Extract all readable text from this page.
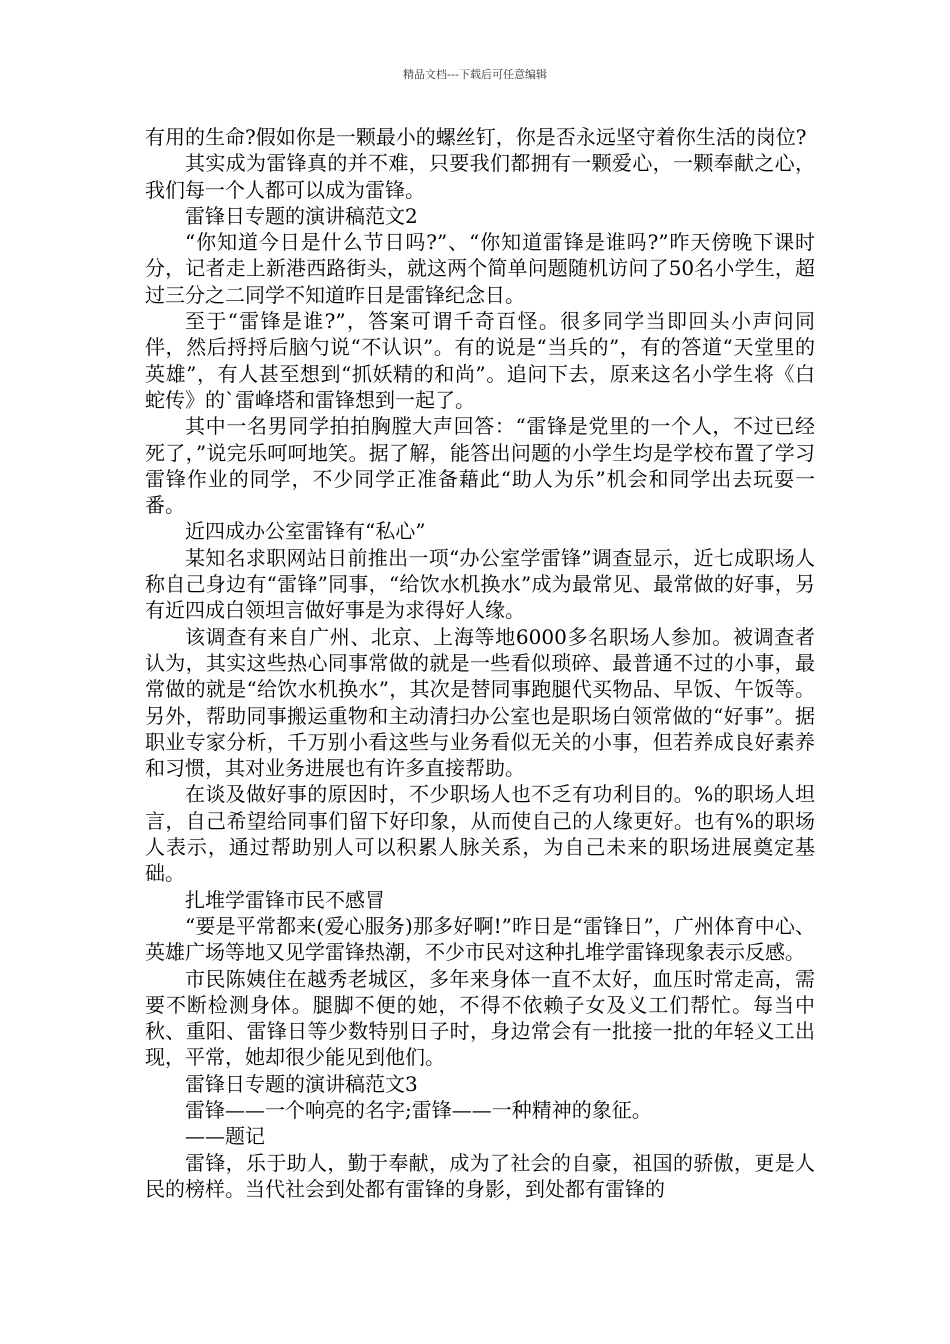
精品文档---下载后可任意编辑

有用的生命?假如你是一颗最小的螺丝钉，你是否永远坚守着你生活的岗位?

其实成为雷锋真的并不难，只要我们都拥有一颗爱心，一颗奉献之心，我们每一个人都可以成为雷锋。

雷锋日专题的演讲稿范文2

“你知道今日是什么节日吗?”、“你知道雷锋是谁吗?”昨天傍晚下课时分，记者走上新港西路街头，就这两个简单问题随机访问了50名小学生，超过三分之二同学不知道昨日是雷锋纪念日。

至于“雷锋是谁?”，答案可谓千奇百怪。很多同学当即回头小声问同伴，然后捋捋后脑勺说“不认识”。有的说是“当兵的”，有的答道“天堂里的英雄”，有人甚至想到“抓妖精的和尚”。追问下去，原来这名小学生将《白蛇传》的`雷峰塔和雷锋想到一起了。

其中一名男同学拍拍胸膛大声回答：“雷锋是党里的一个人，不过已经死了，”说完乐呵呵地笑。据了解，能答出问题的小学生均是学校布置了学习雷锋作业的同学，不少同学正准备藉此“助人为乐”机会和同学出去玩耍一番。

近四成办公室雷锋有“私心”

某知名求职网站日前推出一项“办公室学雷锋”调查显示，近七成职场人称自己身边有“雷锋”同事，“给饮水机换水”成为最常见、最常做的好事，另有近四成白领坦言做好事是为求得好人缘。

该调查有来自广州、北京、上海等地6000多名职场人参加。被调查者认为，其实这些热心同事常做的就是一些看似琐碎、最普通不过的小事，最常做的就是“给饮水机换水”，其次是替同事跑腿代买物品、早饭、午饭等。另外，帮助同事搬运重物和主动清扫办公室也是职场白领常做的“好事”。据职业专家分析，千万别小看这些与业务看似无关的小事，但若养成良好素养和习惯，其对业务进展也有许多直接帮助。

在谈及做好事的原因时，不少职场人也不乏有功利目的。%的职场人坦言，自己希望给同事们留下好印象，从而使自己的人缘更好。也有%的职场人表示，通过帮助别人可以积累人脉关系，为自己未来的职场进展奠定基础。

扎堆学雷锋市民不感冒

“要是平常都来(爱心服务)那多好啊!”昨日是“雷锋日”，广州体育中心、英雄广场等地又见学雷锋热潮，不少市民对这种扎堆学雷锋现象表示反感。

市民陈姨住在越秀老城区，多年来身体一直不太好，血压时常走高，需要不断检测身体。腿脚不便的她，不得不依赖子女及义工们帮忙。每当中秋、重阳、雷锋日等少数特别日子时，身边常会有一批接一批的年轻义工出现，平常，她却很少能见到他们。

雷锋日专题的演讲稿范文3

雷锋——一个响亮的名字;雷锋——一种精神的象征。

——题记

雷锋，乐于助人，勤于奉献，成为了社会的自豪，祖国的骄傲，更是人民的榜样。当代社会到处都有雷锋的身影，到处都有雷锋的
